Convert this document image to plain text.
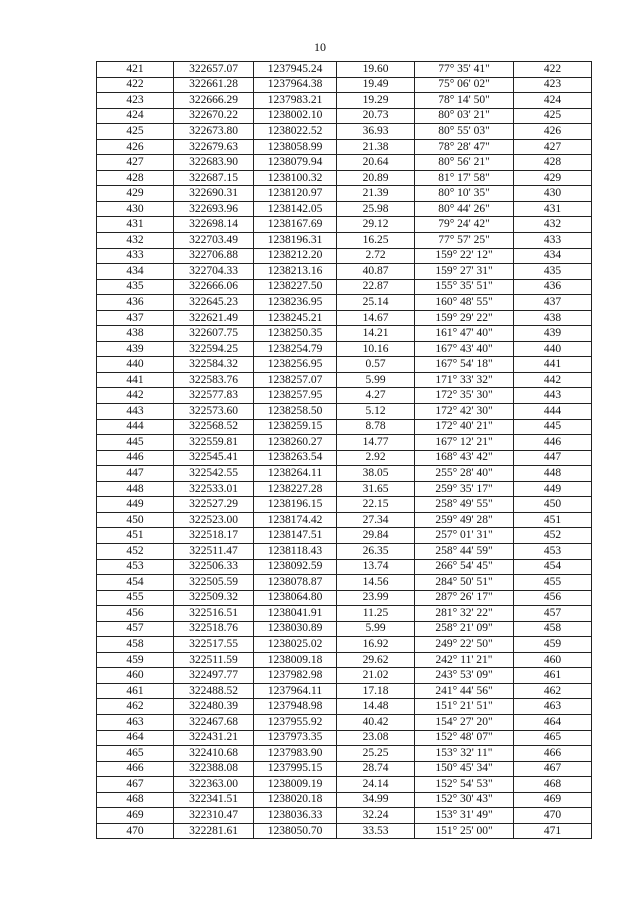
10
421	322657.07	1237945.24	19.60	77° 35' 41"	422
422	322661.28	1237964.38	19.49	75° 06' 02"	423
423	322666.29	1237983.21	19.29	78° 14' 50"	424
424	322670.22	1238002.10	20.73	80° 03' 21"	425
425	322673.80	1238022.52	36.93	80° 55' 03"	426
426	322679.63	1238058.99	21.38	78° 28' 47"	427
427	322683.90	1238079.94	20.64	80° 56' 21"	428
428	322687.15	1238100.32	20.89	81° 17' 58"	429
429	322690.31	1238120.97	21.39	80° 10' 35"	430
430	322693.96	1238142.05	25.98	80° 44' 26"	431
431	322698.14	1238167.69	29.12	79° 24' 42"	432
432	322703.49	1238196.31	16.25	77° 57' 25"	433
433	322706.88	1238212.20	2.72	159° 22' 12"	434
434	322704.33	1238213.16	40.87	159° 27' 31"	435
435	322666.06	1238227.50	22.87	155° 35' 51"	436
436	322645.23	1238236.95	25.14	160° 48' 55"	437
437	322621.49	1238245.21	14.67	159° 29' 22"	438
438	322607.75	1238250.35	14.21	161° 47' 40"	439
439	322594.25	1238254.79	10.16	167° 43' 40"	440
440	322584.32	1238256.95	0.57	167° 54' 18"	441
441	322583.76	1238257.07	5.99	171° 33' 32"	442
442	322577.83	1238257.95	4.27	172° 35' 30"	443
443	322573.60	1238258.50	5.12	172° 42' 30"	444
444	322568.52	1238259.15	8.78	172° 40' 21"	445
445	322559.81	1238260.27	14.77	167° 12' 21"	446
446	322545.41	1238263.54	2.92	168° 43' 42"	447
447	322542.55	1238264.11	38.05	255° 28' 40"	448
448	322533.01	1238227.28	31.65	259° 35' 17"	449
449	322527.29	1238196.15	22.15	258° 49' 55"	450
450	322523.00	1238174.42	27.34	259° 49' 28"	451
451	322518.17	1238147.51	29.84	257° 01' 31"	452
452	322511.47	1238118.43	26.35	258° 44' 59"	453
453	322506.33	1238092.59	13.74	266° 54' 45"	454
454	322505.59	1238078.87	14.56	284° 50' 51"	455
455	322509.32	1238064.80	23.99	287° 26' 17"	456
456	322516.51	1238041.91	11.25	281° 32' 22"	457
457	322518.76	1238030.89	5.99	258° 21' 09"	458
458	322517.55	1238025.02	16.92	249° 22' 50"	459
459	322511.59	1238009.18	29.62	242° 11' 21"	460
460	322497.77	1237982.98	21.02	243° 53' 09"	461
461	322488.52	1237964.11	17.18	241° 44' 56"	462
462	322480.39	1237948.98	14.48	151° 21' 51"	463
463	322467.68	1237955.92	40.42	154° 27' 20"	464
464	322431.21	1237973.35	23.08	152° 48' 07"	465
465	322410.68	1237983.90	25.25	153° 32' 11"	466
466	322388.08	1237995.15	28.74	150° 45' 34"	467
467	322363.00	1238009.19	24.14	152° 54' 53"	468
468	322341.51	1238020.18	34.99	152° 30' 43"	469
469	322310.47	1238036.33	32.24	153° 31' 49"	470
470	322281.61	1238050.70	33.53	151° 25' 00"	471
